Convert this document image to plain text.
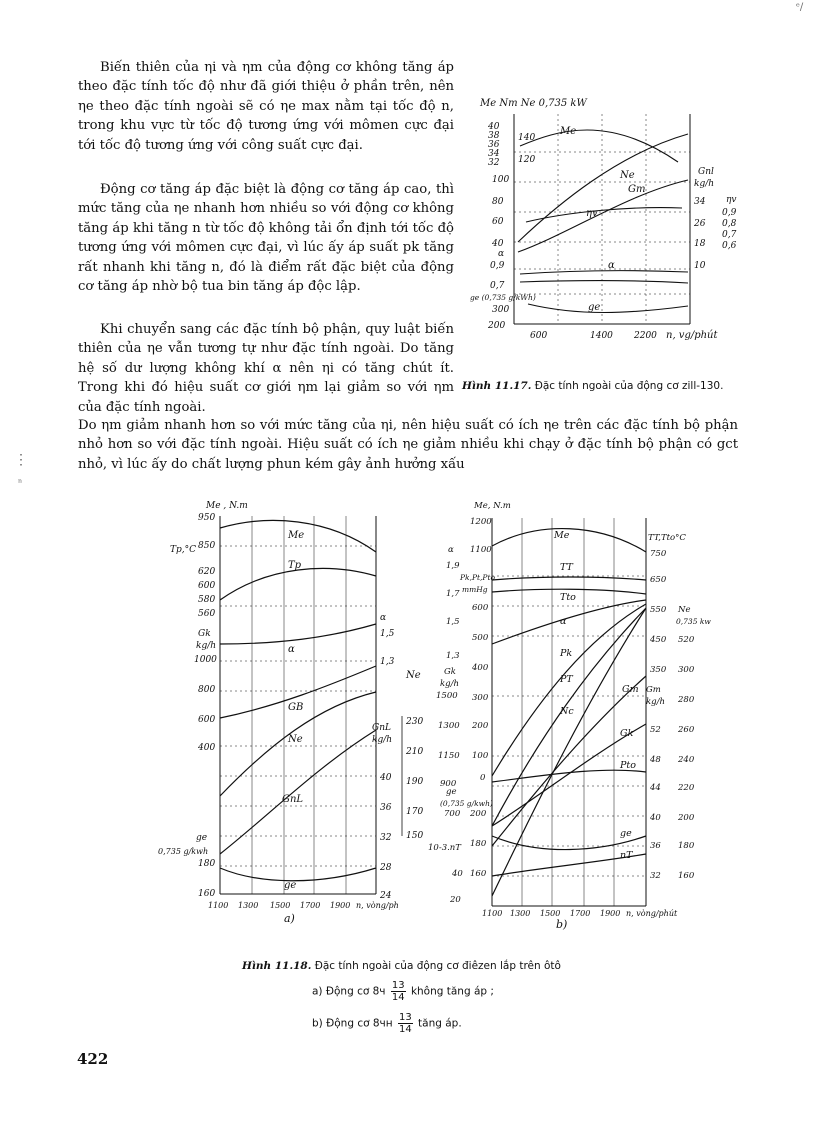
ᵉ/
⋮
ⁿ

Biến thiên của ηi và ηm của động cơ không tăng áp theo đặc tính tốc độ như đã giới thiệu ở phần trên, nên ηe theo đặc tính ngoài sẽ có ηe max nằm tại tốc độ n, trong khu vực từ tốc độ tương ứng với mômen cực đại tới tốc độ tương ứng với công suất cực đại.

Động cơ tăng áp đặc biệt là động cơ tăng áp cao, thì mức tăng của ηe nhanh hơn nhiều so với động cơ không tăng áp khi tăng n từ tốc độ không tải ổn định tới tốc độ tương ứng với mômen cực đại, vì lúc ấy áp suất pk tăng rất nhanh khi tăng n, đó là điểm rất đặc biệt của động cơ tăng áp nhờ bộ tua bin tăng áp độc lập.

Khi chuyển sang các đặc tính bộ phận, quy luật biến thiên của ηe vẫn tương tự như đặc tính ngoài. Do tăng hệ số dư lượng không khí α nên ηi có tăng chút ít. Trong khi đó hiệu suất cơ giới ηm lại giảm so với ηm của đặc tính ngoài.

Do ηm giảm nhanh hơn so với mức tăng của ηi, nên hiệu suất có ích ηe trên các đặc tính bộ phận nhỏ hơn so với đặc tính ngoài. Hiệu suất có ích ηe giảm nhiều khi chạy ở đặc tính bộ phận có gct nhỏ, vì lúc ấy do chất lượng phun kém gây ảnh hưởng xấu

Me Nm Ne 0,735 kW
40
38
36
34
32
140
120
100
80
60
40
α
0,9
0,7
ge (0,735 g/kWh)
300
200
Gnl
kg/h
34
26
18
10
ηv
0,9
0,8
0,7
0,6
600	1400 2200 n, vg/phút
Me
Ne
Gm
ηv
α
ge
Hình 11.17. Đặc tính ngoài của động cơ zill-130.
Me , N.m
950
850
620
600
580
560
Tp,°C
Gk
kg/h
1000
800
600
400
ge
0,735 g/kwh
180
160
α
1,5
1,3
Ne
GnL
kg/h
40
36
32
28
24
230
210
190
170
150
1100 1300 1500 1700 1900 n, vòng/ph
a)
Me
Tp
α
GB
Ne
GnL
ge
Me, N.m
1200
1100
α
1,9
Pk,Pt,Pto
mmHg
1,7
600
1,5
500
1,3
400
Gk
kg/h
1500 300
1300 200
1150 100
900
0
ge
(0,735 g/kwh)
700 200
180
10-3.nT
160
40
20
TT,Tto°C
750
650
550
450
350
Ne
0,735 kw
520
300
Gm
kg/h 280
260
52
48 240
44 220
40 200
36 180
32 160
1100 1300 1500 1700 1900 n, vòng/phút
b)
Me
TT
Tto
α
Pk
PT
Nc
Gm
Gk
Pto
ge
nT
Hình 11.18. Đặc tính ngoài của động cơ điêzen lắp trên ôtô
a) Động cơ $8ч \frac{13}{14}$ không tăng áp ;
b) Động cơ $8чн \frac{13}{14}$ tăng áp.
422
